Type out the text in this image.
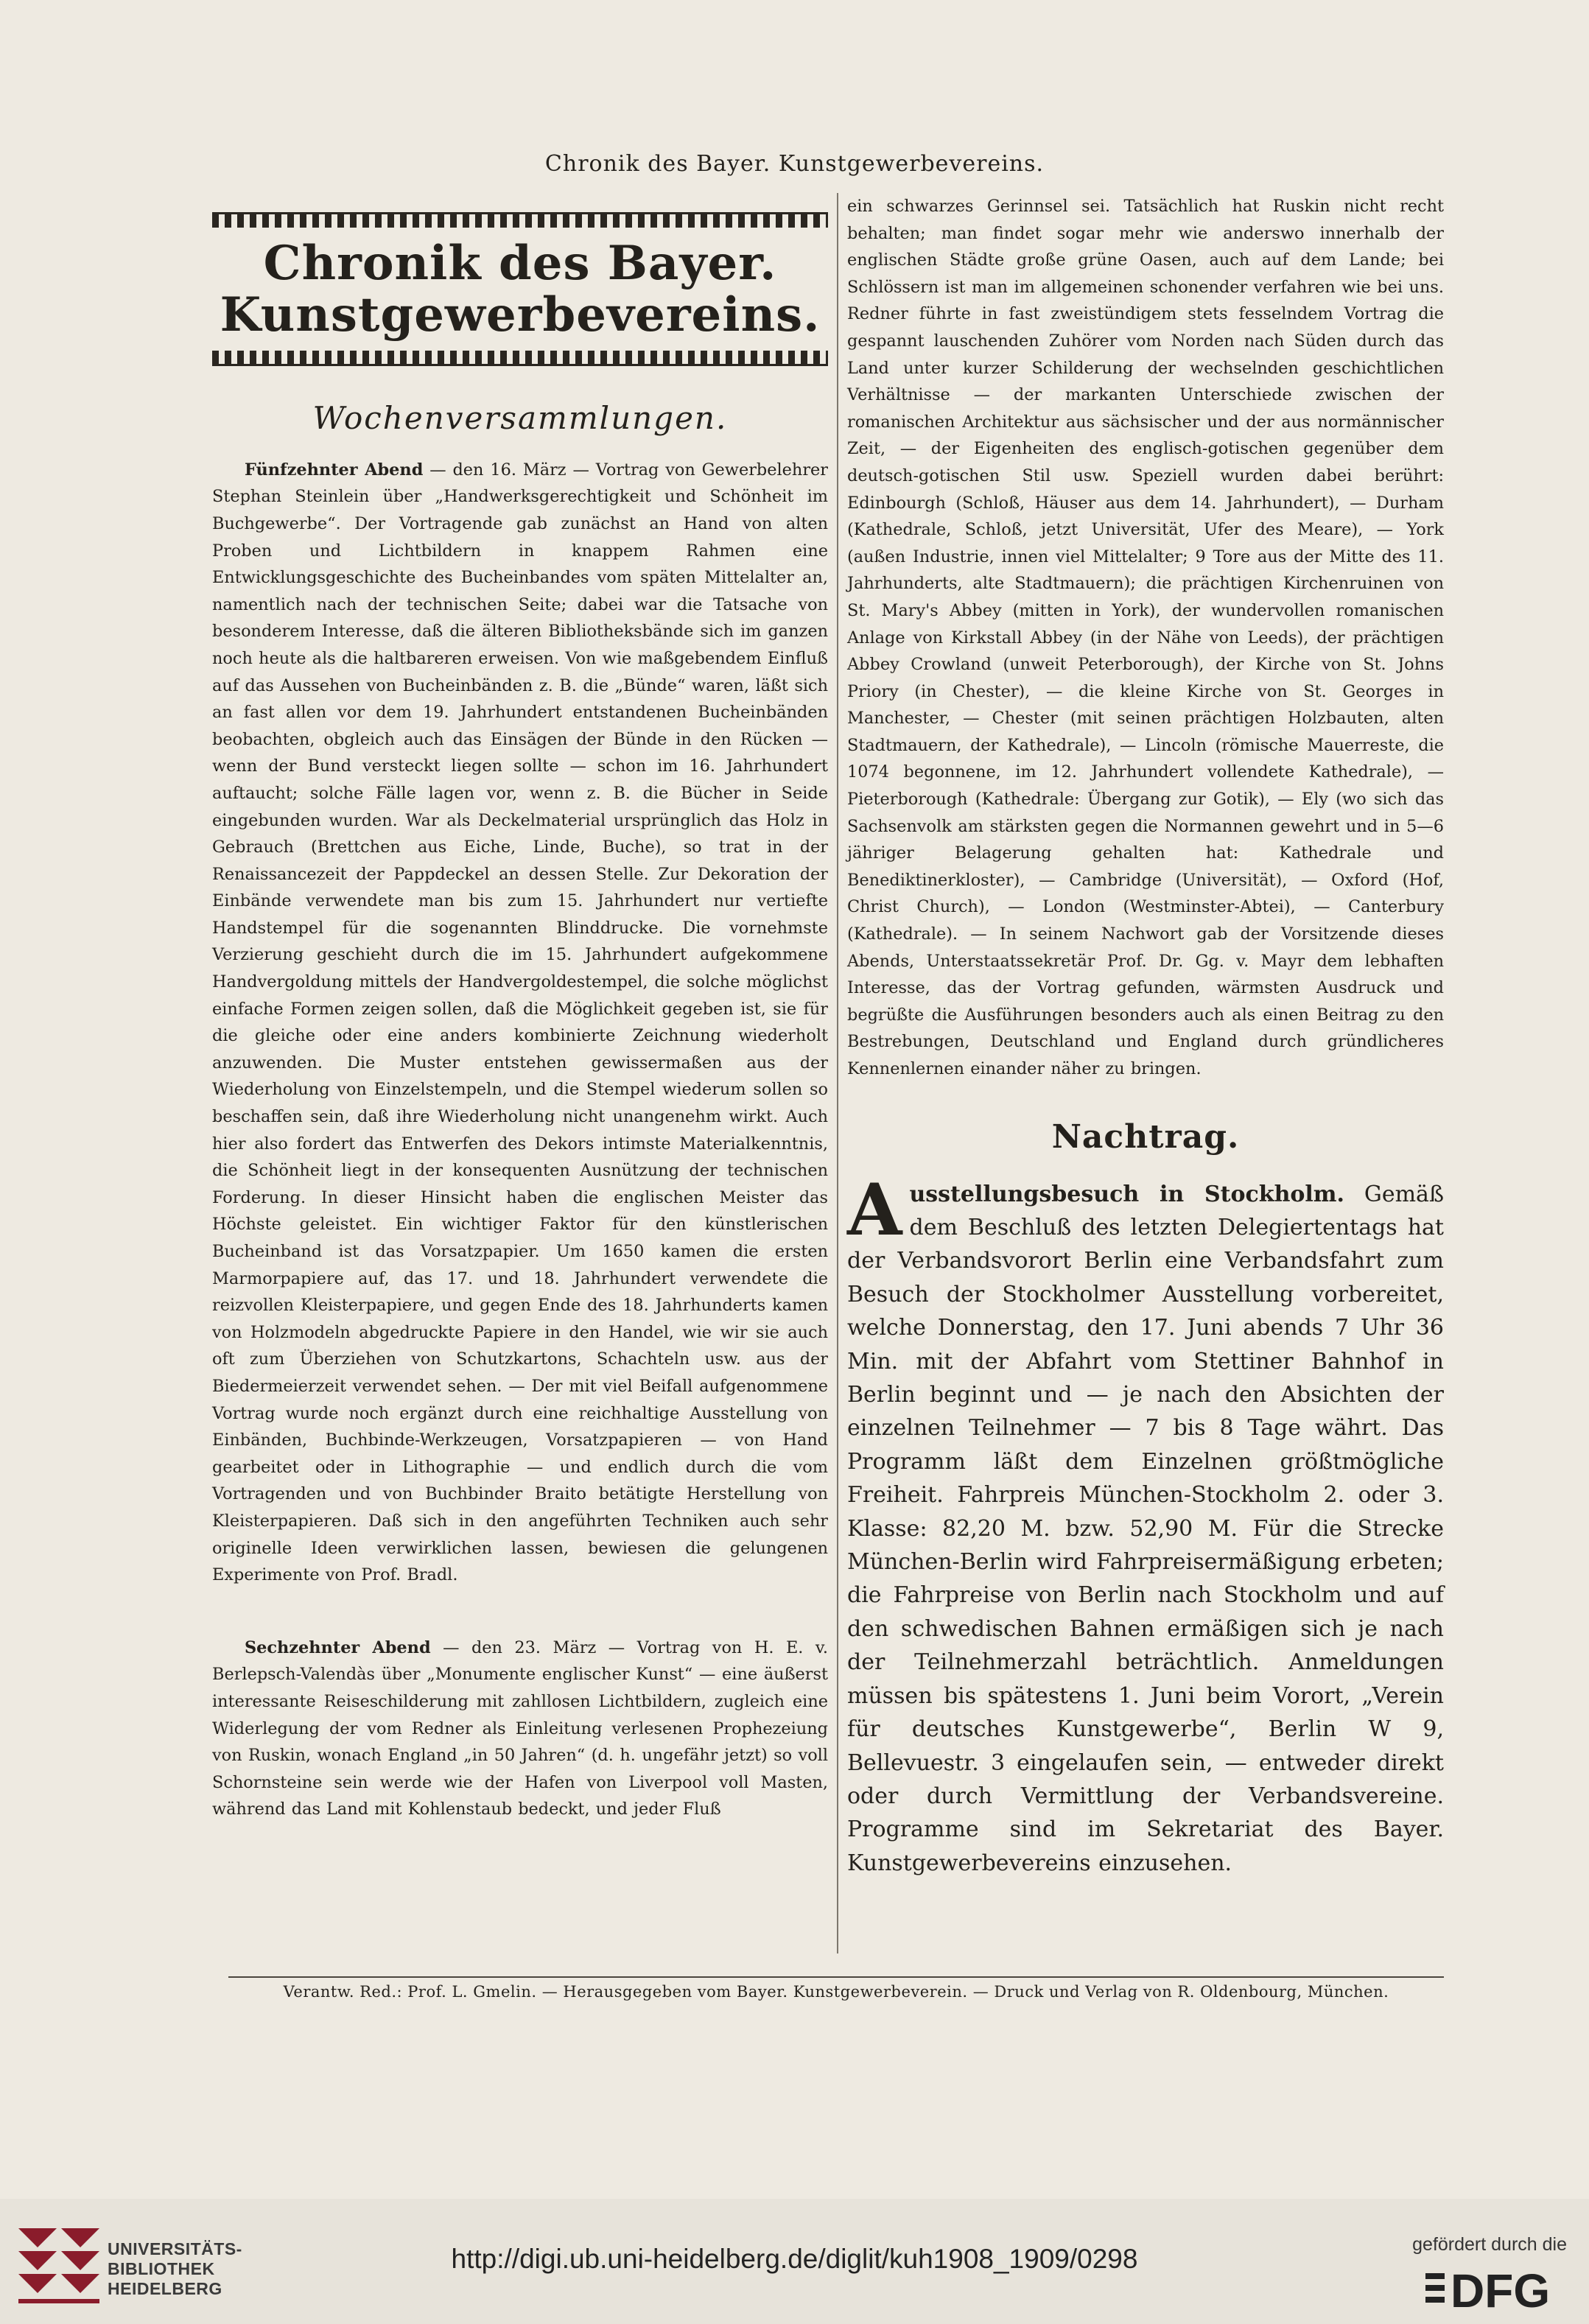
Chronik des Bayer. Kunstgewerbevereins.
Chronik des Bayer. Kunstgewerbevereins.
Wochenversammlungen.

Fünfzehnter Abend — den 16. März — Vortrag von Gewerbelehrer Stephan Steinlein über „Handwerksgerechtigkeit und Schönheit im Buchgewerbe“. Der Vortragende gab zunächst an Hand von alten Proben und Lichtbildern in knappem Rahmen eine Entwicklungsgeschichte des Bucheinbandes vom späten Mittelalter an, namentlich nach der technischen Seite; dabei war die Tatsache von besonderem Interesse, daß die älteren Bibliotheksbände sich im ganzen noch heute als die haltbareren erweisen. Von wie maßgebendem Einfluß auf das Aussehen von Bucheinbänden z. B. die „Bünde“ waren, läßt sich an fast allen vor dem 19. Jahrhundert entstandenen Bucheinbänden beobachten, obgleich auch das Einsägen der Bünde in den Rücken — wenn der Bund versteckt liegen sollte — schon im 16. Jahrhundert auftaucht; solche Fälle lagen vor, wenn z. B. die Bücher in Seide eingebunden wurden. War als Deckelmaterial ursprünglich das Holz in Gebrauch (Brettchen aus Eiche, Linde, Buche), so trat in der Renaissancezeit der Pappdeckel an dessen Stelle. Zur Dekoration der Einbände verwendete man bis zum 15. Jahrhundert nur vertiefte Handstempel für die sogenannten Blinddrucke. Die vornehmste Verzierung geschieht durch die im 15. Jahrhundert aufgekommene Handvergoldung mittels der Handvergoldestempel, die solche möglichst einfache Formen zeigen sollen, daß die Möglichkeit gegeben ist, sie für die gleiche oder eine anders kombinierte Zeichnung wiederholt anzuwenden. Die Muster entstehen gewissermaßen aus der Wiederholung von Einzelstempeln, und die Stempel wiederum sollen so beschaffen sein, daß ihre Wiederholung nicht unangenehm wirkt. Auch hier also fordert das Entwerfen des Dekors intimste Materialkenntnis, die Schönheit liegt in der konsequenten Ausnützung der technischen Forderung. In dieser Hinsicht haben die englischen Meister das Höchste geleistet. Ein wichtiger Faktor für den künstlerischen Bucheinband ist das Vorsatzpapier. Um 1650 kamen die ersten Marmorpapiere auf, das 17. und 18. Jahrhundert verwendete die reizvollen Kleisterpapiere, und gegen Ende des 18. Jahrhunderts kamen von Holzmodeln abgedruckte Papiere in den Handel, wie wir sie auch oft zum Überziehen von Schutzkartons, Schachteln usw. aus der Biedermeierzeit verwendet sehen. — Der mit viel Beifall aufgenommene Vortrag wurde noch ergänzt durch eine reichhaltige Ausstellung von Einbänden, Buchbinde-Werkzeugen, Vorsatzpapieren — von Hand gearbeitet oder in Lithographie — und endlich durch die vom Vortragenden und von Buchbinder Braito betätigte Herstellung von Kleisterpapieren. Daß sich in den angeführten Techniken auch sehr originelle Ideen verwirklichen lassen, bewiesen die gelungenen Experimente von Prof. Bradl.

Sechzehnter Abend — den 23. März — Vortrag von H. E. v. Berlepsch-Valendàs über „Monumente englischer Kunst“ — eine äußerst interessante Reiseschilderung mit zahllosen Lichtbildern, zugleich eine Widerlegung der vom Redner als Einleitung verlesenen Prophezeiung von Ruskin, wonach England „in 50 Jahren“ (d. h. ungefähr jetzt) so voll Schornsteine sein werde wie der Hafen von Liverpool voll Masten, während das Land mit Kohlenstaub bedeckt, und jeder Fluß

ein schwarzes Gerinnsel sei. Tatsächlich hat Ruskin nicht recht behalten; man findet sogar mehr wie anderswo innerhalb der englischen Städte große grüne Oasen, auch auf dem Lande; bei Schlössern ist man im allgemeinen schonender verfahren wie bei uns. Redner führte in fast zweistündigem stets fesselndem Vortrag die gespannt lauschenden Zuhörer vom Norden nach Süden durch das Land unter kurzer Schilderung der wechselnden geschichtlichen Verhältnisse — der markanten Unterschiede zwischen der romanischen Architektur aus sächsischer und der aus normännischer Zeit, — der Eigenheiten des englisch-gotischen gegenüber dem deutsch-gotischen Stil usw. Speziell wurden dabei berührt: Edinbourgh (Schloß, Häuser aus dem 14. Jahrhundert), — Durham (Kathedrale, Schloß, jetzt Universität, Ufer des Meare), — York (außen Industrie, innen viel Mittelalter; 9 Tore aus der Mitte des 11. Jahrhunderts, alte Stadtmauern); die prächtigen Kirchenruinen von St. Mary's Abbey (mitten in York), der wundervollen romanischen Anlage von Kirkstall Abbey (in der Nähe von Leeds), der prächtigen Abbey Crowland (unweit Peterborough), der Kirche von St. Johns Priory (in Chester), — die kleine Kirche von St. Georges in Manchester, — Chester (mit seinen prächtigen Holzbauten, alten Stadtmauern, der Kathedrale), — Lincoln (römische Mauerreste, die 1074 begonnene, im 12. Jahrhundert vollendete Kathedrale), — Pieterborough (Kathedrale: Übergang zur Gotik), — Ely (wo sich das Sachsenvolk am stärksten gegen die Normannen gewehrt und in 5—6 jähriger Belagerung gehalten hat: Kathedrale und Benediktinerkloster), — Cambridge (Universität), — Oxford (Hof, Christ Church), — London (Westminster-Abtei), — Canterbury (Kathedrale). — In seinem Nachwort gab der Vorsitzende dieses Abends, Unterstaatssekretär Prof. Dr. Gg. v. Mayr dem lebhaften Interesse, das der Vortrag gefunden, wärmsten Ausdruck und begrüßte die Ausführungen besonders auch als einen Beitrag zu den Bestrebungen, Deutschland und England durch gründlicheres Kennenlernen einander näher zu bringen.

Nachtrag.

Ausstellungsbesuch in Stockholm. Gemäß dem Beschluß des letzten Delegiertentags hat der Verbandsvorort Berlin eine Verbandsfahrt zum Besuch der Stockholmer Ausstellung vorbereitet, welche Donnerstag, den 17. Juni abends 7 Uhr 36 Min. mit der Abfahrt vom Stettiner Bahnhof in Berlin beginnt und — je nach den Absichten der einzelnen Teilnehmer — 7 bis 8 Tage währt. Das Programm läßt dem Einzelnen größtmögliche Freiheit. Fahrpreis München-Stockholm 2. oder 3. Klasse: 82,20 M. bzw. 52,90 M. Für die Strecke München-Berlin wird Fahrpreisermäßigung erbeten; die Fahrpreise von Berlin nach Stockholm und auf den schwedischen Bahnen ermäßigen sich je nach der Teilnehmerzahl beträchtlich. Anmeldungen müssen bis spätestens 1. Juni beim Vorort, „Verein für deutsches Kunstgewerbe“, Berlin W 9, Bellevuestr. 3 eingelaufen sein, — entweder direkt oder durch Vermittlung der Verbandsvereine. Programme sind im Sekretariat des Bayer. Kunstgewerbevereins einzusehen.

Verantw. Red.: Prof. L. Gmelin. — Herausgegeben vom Bayer. Kunstgewerbeverein. — Druck und Verlag von R. Oldenbourg, München.
UNIVERSITÄTS-
BIBLIOTHEK
HEIDELBERG
http://digi.ub.uni-heidelberg.de/diglit/kuh1908_1909/0298	gefördert durch die
DFG
